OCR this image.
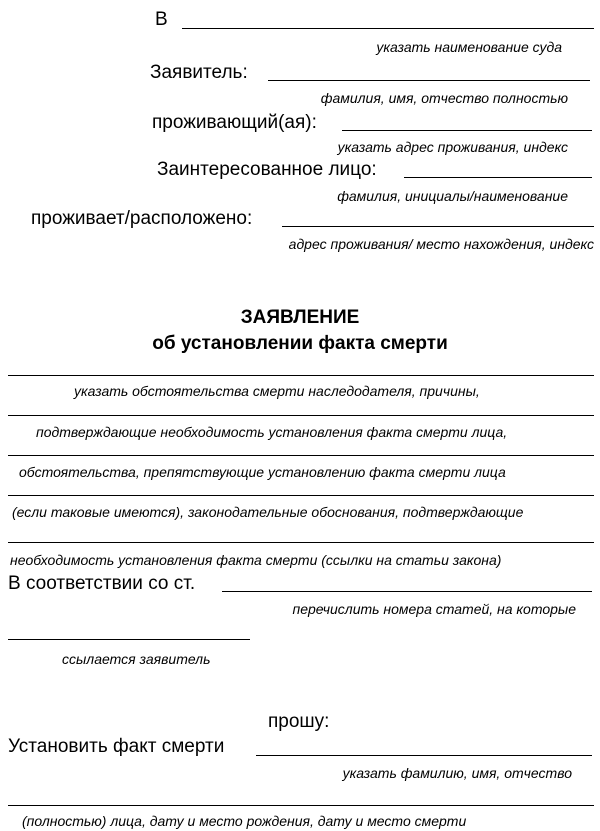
В
указать наименование суда
Заявитель:
фамилия, имя, отчество полностью
проживающий(ая):
указать адрес проживания, индекс
Заинтересованное лицо:
фамилия, инициалы/наименование
проживает/расположено:
адрес проживания/ место нахождения, индекс
ЗАЯВЛЕНИЕ
об установлении факта смерти
указать обстоятельства смерти наследодателя, причины,
подтверждающие необходимость установления факта смерти лица,
обстоятельства, препятствующие установлению факта смерти лица
(если таковые имеются), законодательные обоснования, подтверждающие
необходимость установления факта смерти (ссылки на статьи закона)
В соответствии со ст.
перечислить номера статей, на которые
ссылается заявитель
прошу:
Установить факт смерти
указать фамилию, имя, отчество
(полностью) лица, дату и место рождения, дату и место смерти
